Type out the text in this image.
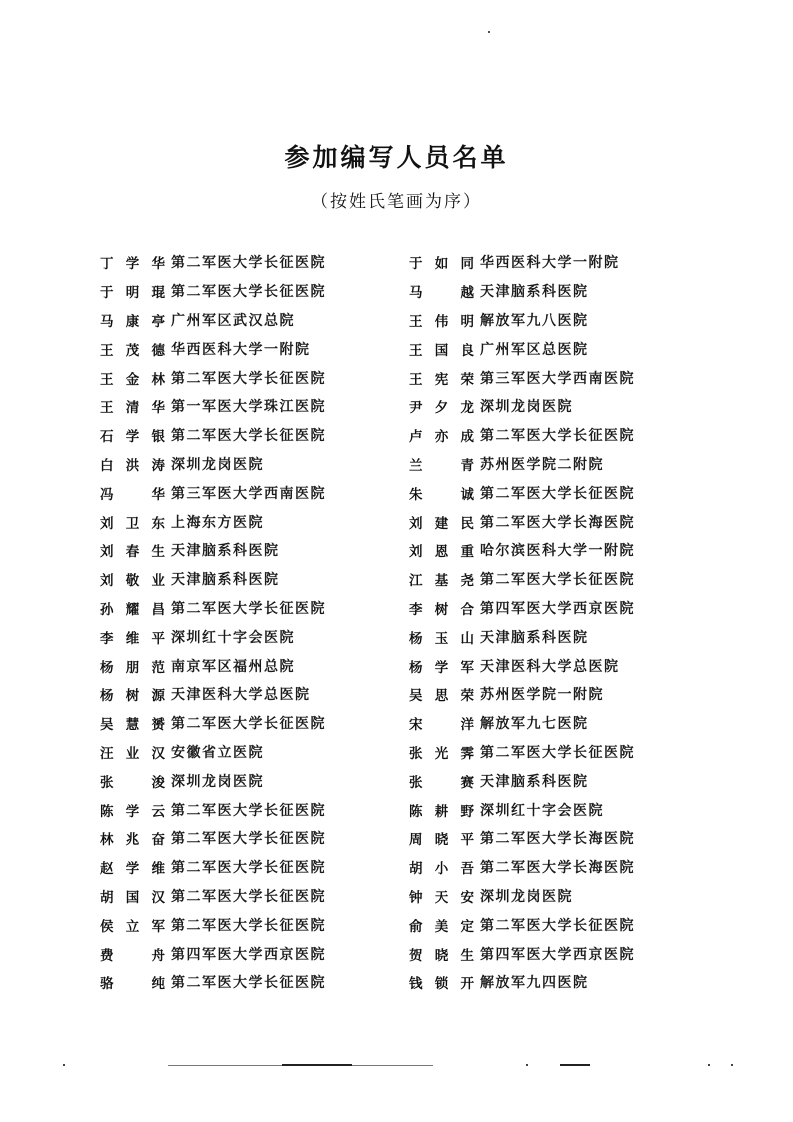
参加编写人员名单
（按姓氏笔画为序）
丁 学 华 第二军医大学长征医院
于 明 琨 第二军医大学长征医院
马 康 亭 广州军区武汉总院
王 茂 德 华西医科大学一附院
王 金 林 第二军医大学长征医院
王 清 华 第一军医大学珠江医院
石 学 银 第二军医大学长征医院
白 洪 涛 深圳龙岗医院
冯	华 第三军医大学西南医院
刘 卫 东 上海东方医院
刘 春 生 天津脑系科医院
刘 敬 业 天津脑系科医院
孙 耀 昌 第二军医大学长征医院
李 维 平 深圳红十字会医院
杨 朋 范 南京军区福州总院
杨 树 源 天津医科大学总医院
吴 慧 赟 第二军医大学长征医院
汪 业 汉 安徽省立医院
张	浚 深圳龙岗医院
陈 学 云 第二军医大学长征医院
林 兆 奋 第二军医大学长征医院
赵 学 维 第二军医大学长征医院
胡 国 汉 第二军医大学长征医院
侯 立 军 第二军医大学长征医院
费	舟 第四军医大学西京医院
骆	纯 第二军医大学长征医院
于 如 同 华西医科大学一附院
马	越 天津脑系科医院
王 伟 明 解放军九八医院
王 国 良 广州军区总医院
王 宪 荣 第三军医大学西南医院
尹 夕 龙 深圳龙岗医院
卢 亦 成 第二军医大学长征医院
兰	青 苏州医学院二附院
朱	诚 第二军医大学长征医院
刘 建 民 第二军医大学长海医院
刘 恩 重 哈尔滨医科大学一附院
江 基 尧 第二军医大学长征医院
李 树 合 第四军医大学西京医院
杨 玉 山 天津脑系科医院
杨 学 军 天津医科大学总医院
吴 思 荣 苏州医学院一附院
宋	洋 解放军九七医院
张 光 霁 第二军医大学长征医院
张	赛 天津脑系科医院
陈 耕 野 深圳红十字会医院
周 晓 平 第二军医大学长海医院
胡 小 吾 第二军医大学长海医院
钟 天 安 深圳龙岗医院
俞 美 定 第二军医大学长征医院
贺 晓 生 第四军医大学西京医院
钱 锁 开 解放军九四医院
